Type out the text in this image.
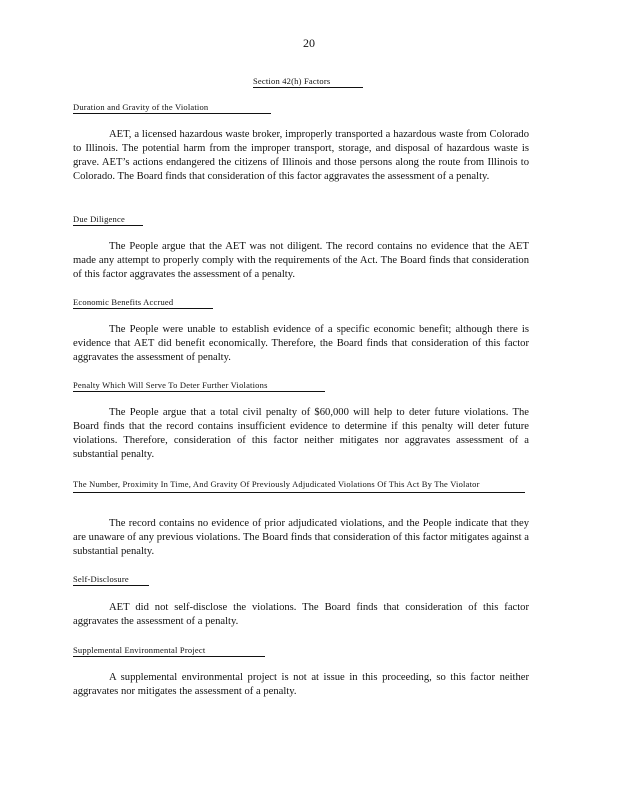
20
Section 42(h) Factors
Duration and Gravity of the Violation
AET, a licensed hazardous waste broker, improperly transported a hazardous waste from Colorado to Illinois. The potential harm from the improper transport, storage, and disposal of hazardous waste is grave. AET’s actions endangered the citizens of Illinois and those persons along the route from Illinois to Colorado. The Board finds that consideration of this factor aggravates the assessment of a penalty.
Due Diligence
The People argue that the AET was not diligent. The record contains no evidence that the AET made any attempt to properly comply with the requirements of the Act. The Board finds that consideration of this factor aggravates the assessment of a penalty.
Economic Benefits Accrued
The People were unable to establish evidence of a specific economic benefit; although there is evidence that AET did benefit economically. Therefore, the Board finds that consideration of this factor aggravates the assessment of penalty.
Penalty Which Will Serve To Deter Further Violations
The People argue that a total civil penalty of $60,000 will help to deter future violations. The Board finds that the record contains insufficient evidence to determine if this penalty will deter future violations. Therefore, consideration of this factor neither mitigates nor aggravates assessment of a substantial penalty.
The Number, Proximity In Time, And Gravity Of Previously Adjudicated Violations Of This Act By The Violator
The record contains no evidence of prior adjudicated violations, and the People indicate that they are unaware of any previous violations. The Board finds that consideration of this factor mitigates against a substantial penalty.
Self-Disclosure
AET did not self-disclose the violations. The Board finds that consideration of this factor aggravates the assessment of a penalty.
Supplemental Environmental Project
A supplemental environmental project is not at issue in this proceeding, so this factor neither aggravates nor mitigates the assessment of a penalty.
